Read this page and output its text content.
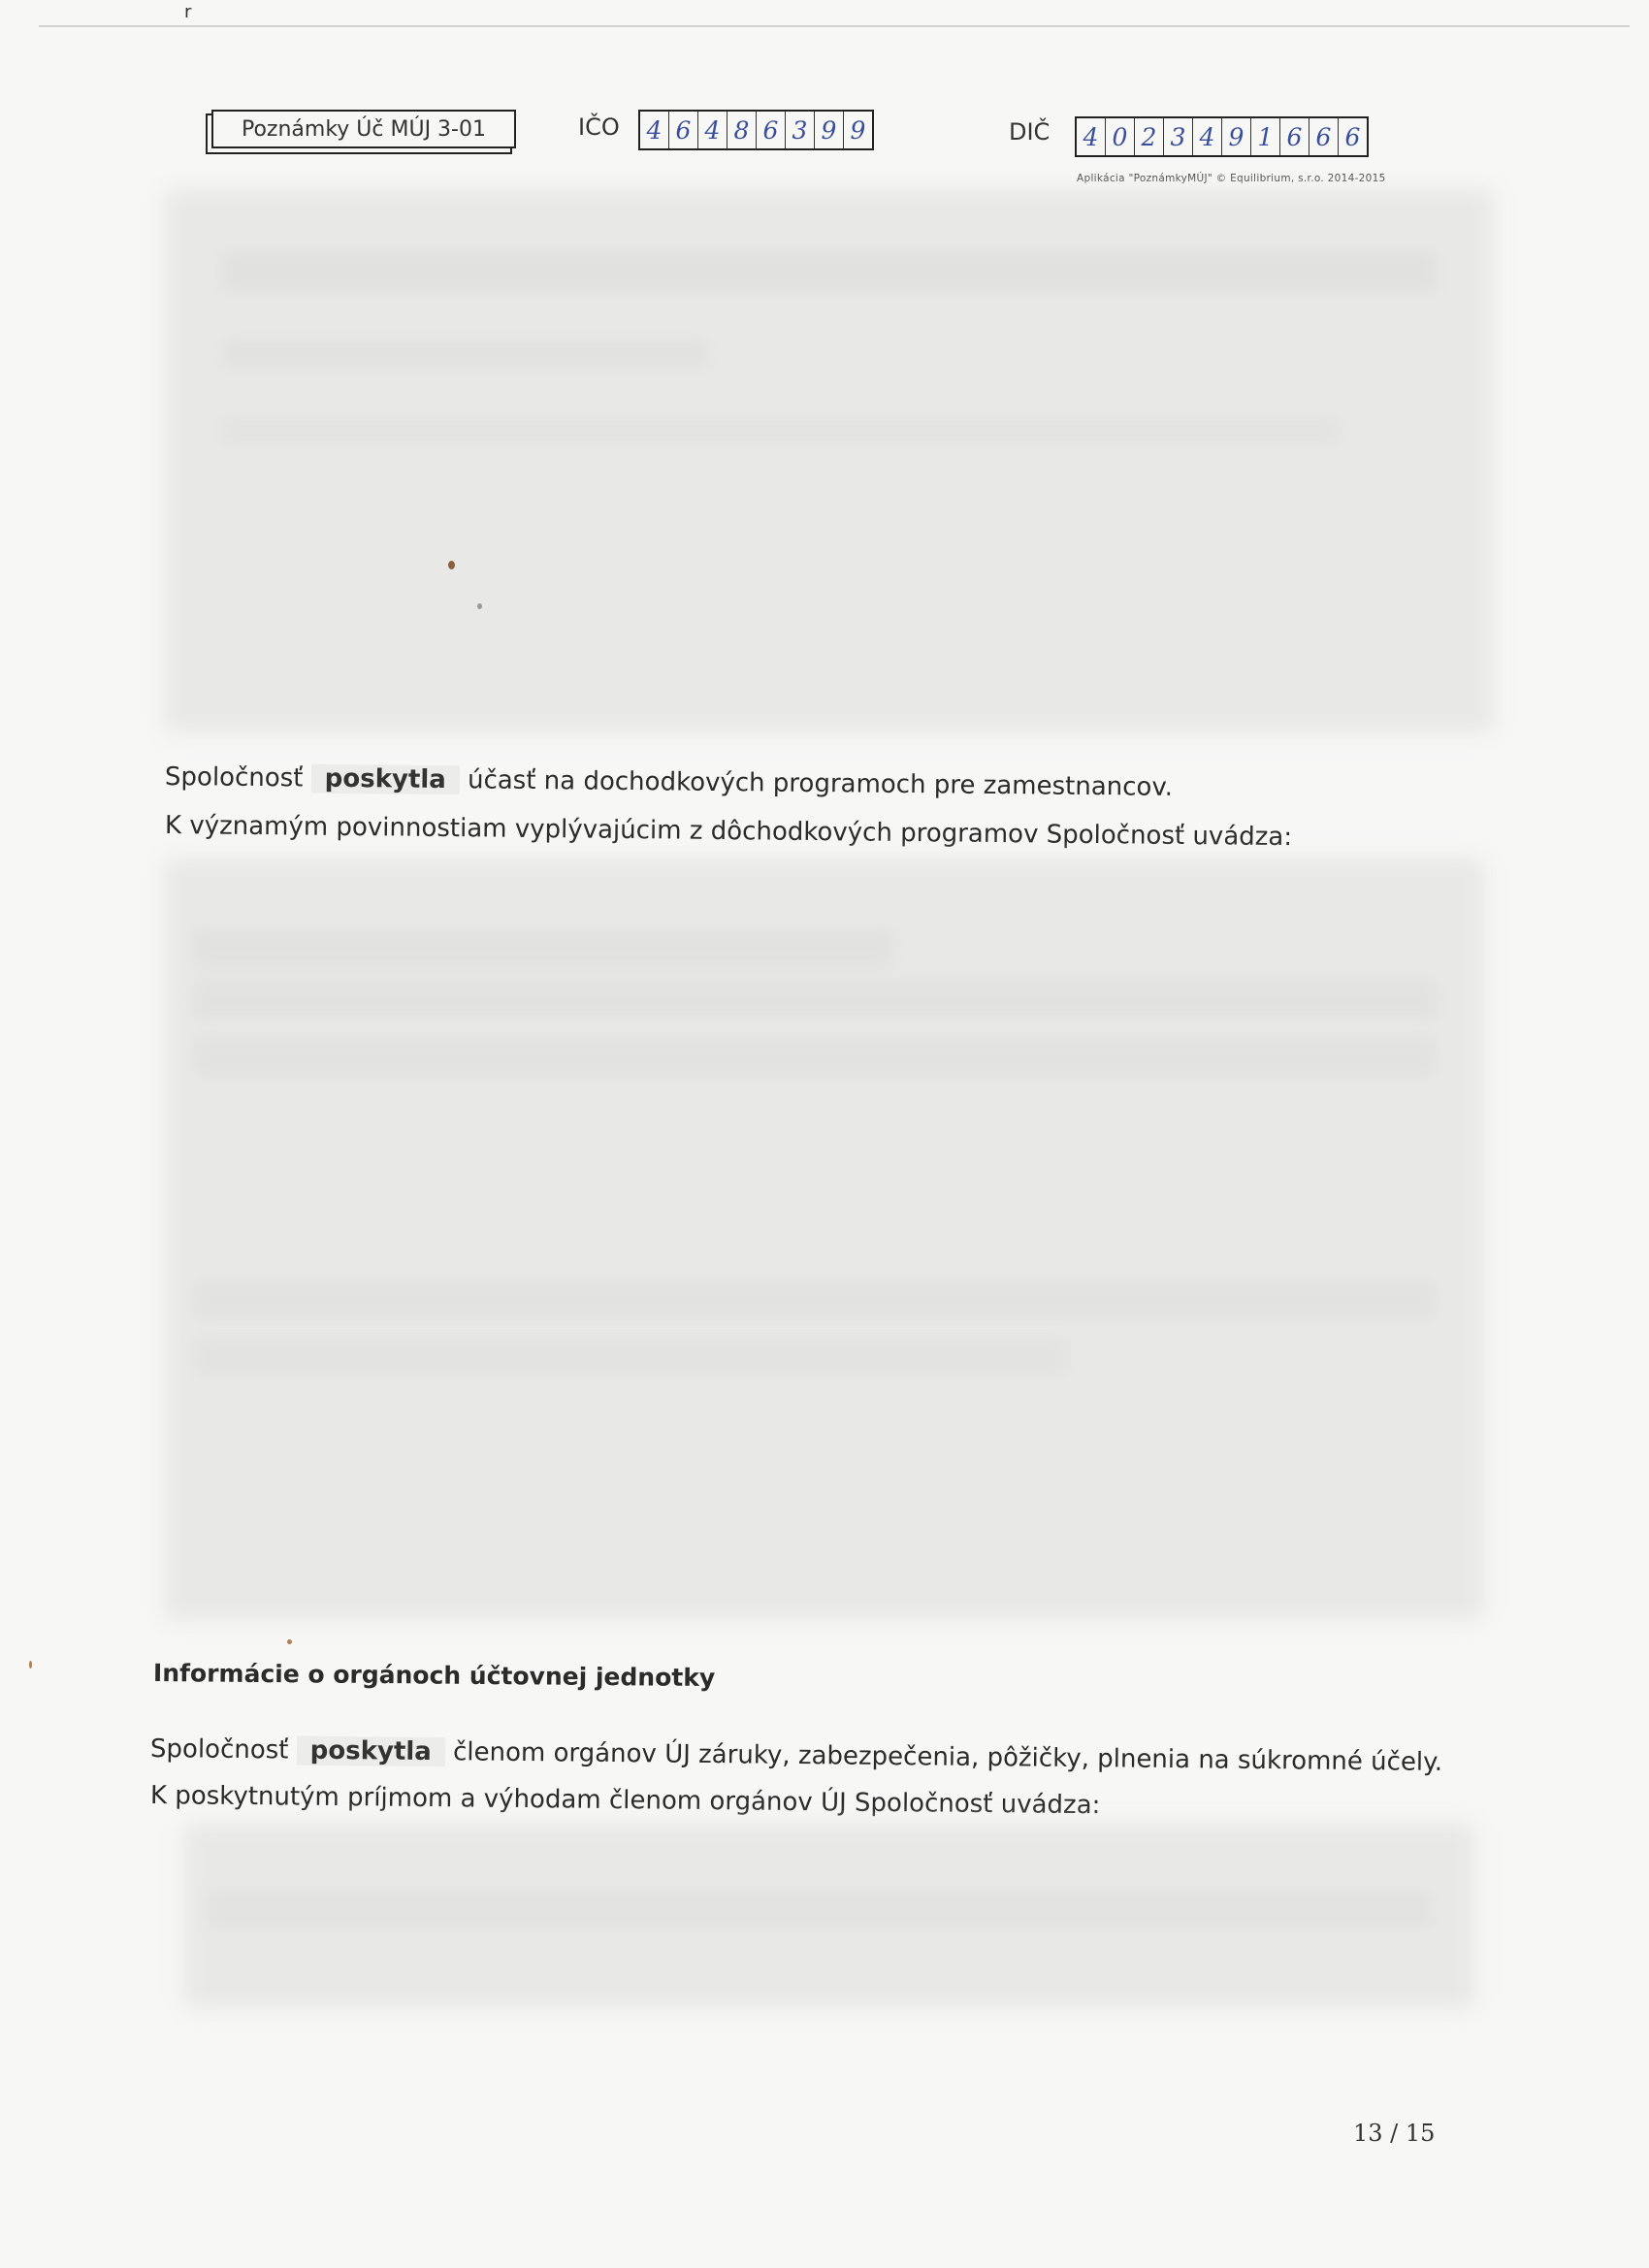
r
Poznámky Úč MÚJ 3-01	IČO 4 6 4 8 6 3 9 9	DIČ 4 0 2 3 4 9 1 6 6 6
Aplikácia "PoznámkyMÚJ" © Equilibrium, s.r.o. 2014-2015
Spoločnosť poskytla účasť na dochodkových programoch pre zamestnancov.
K významým povinnostiam vyplývajúcim z dôchodkových programov Spoločnosť uvádza:
Informácie o orgánoch účtovnej jednotky
Spoločnosť poskytla členom orgánov ÚJ záruky, zabezpečenia, pôžičky, plnenia na súkromné účely.
K poskytnutým príjmom a výhodam členom orgánov ÚJ Spoločnosť uvádza:
13 / 15
